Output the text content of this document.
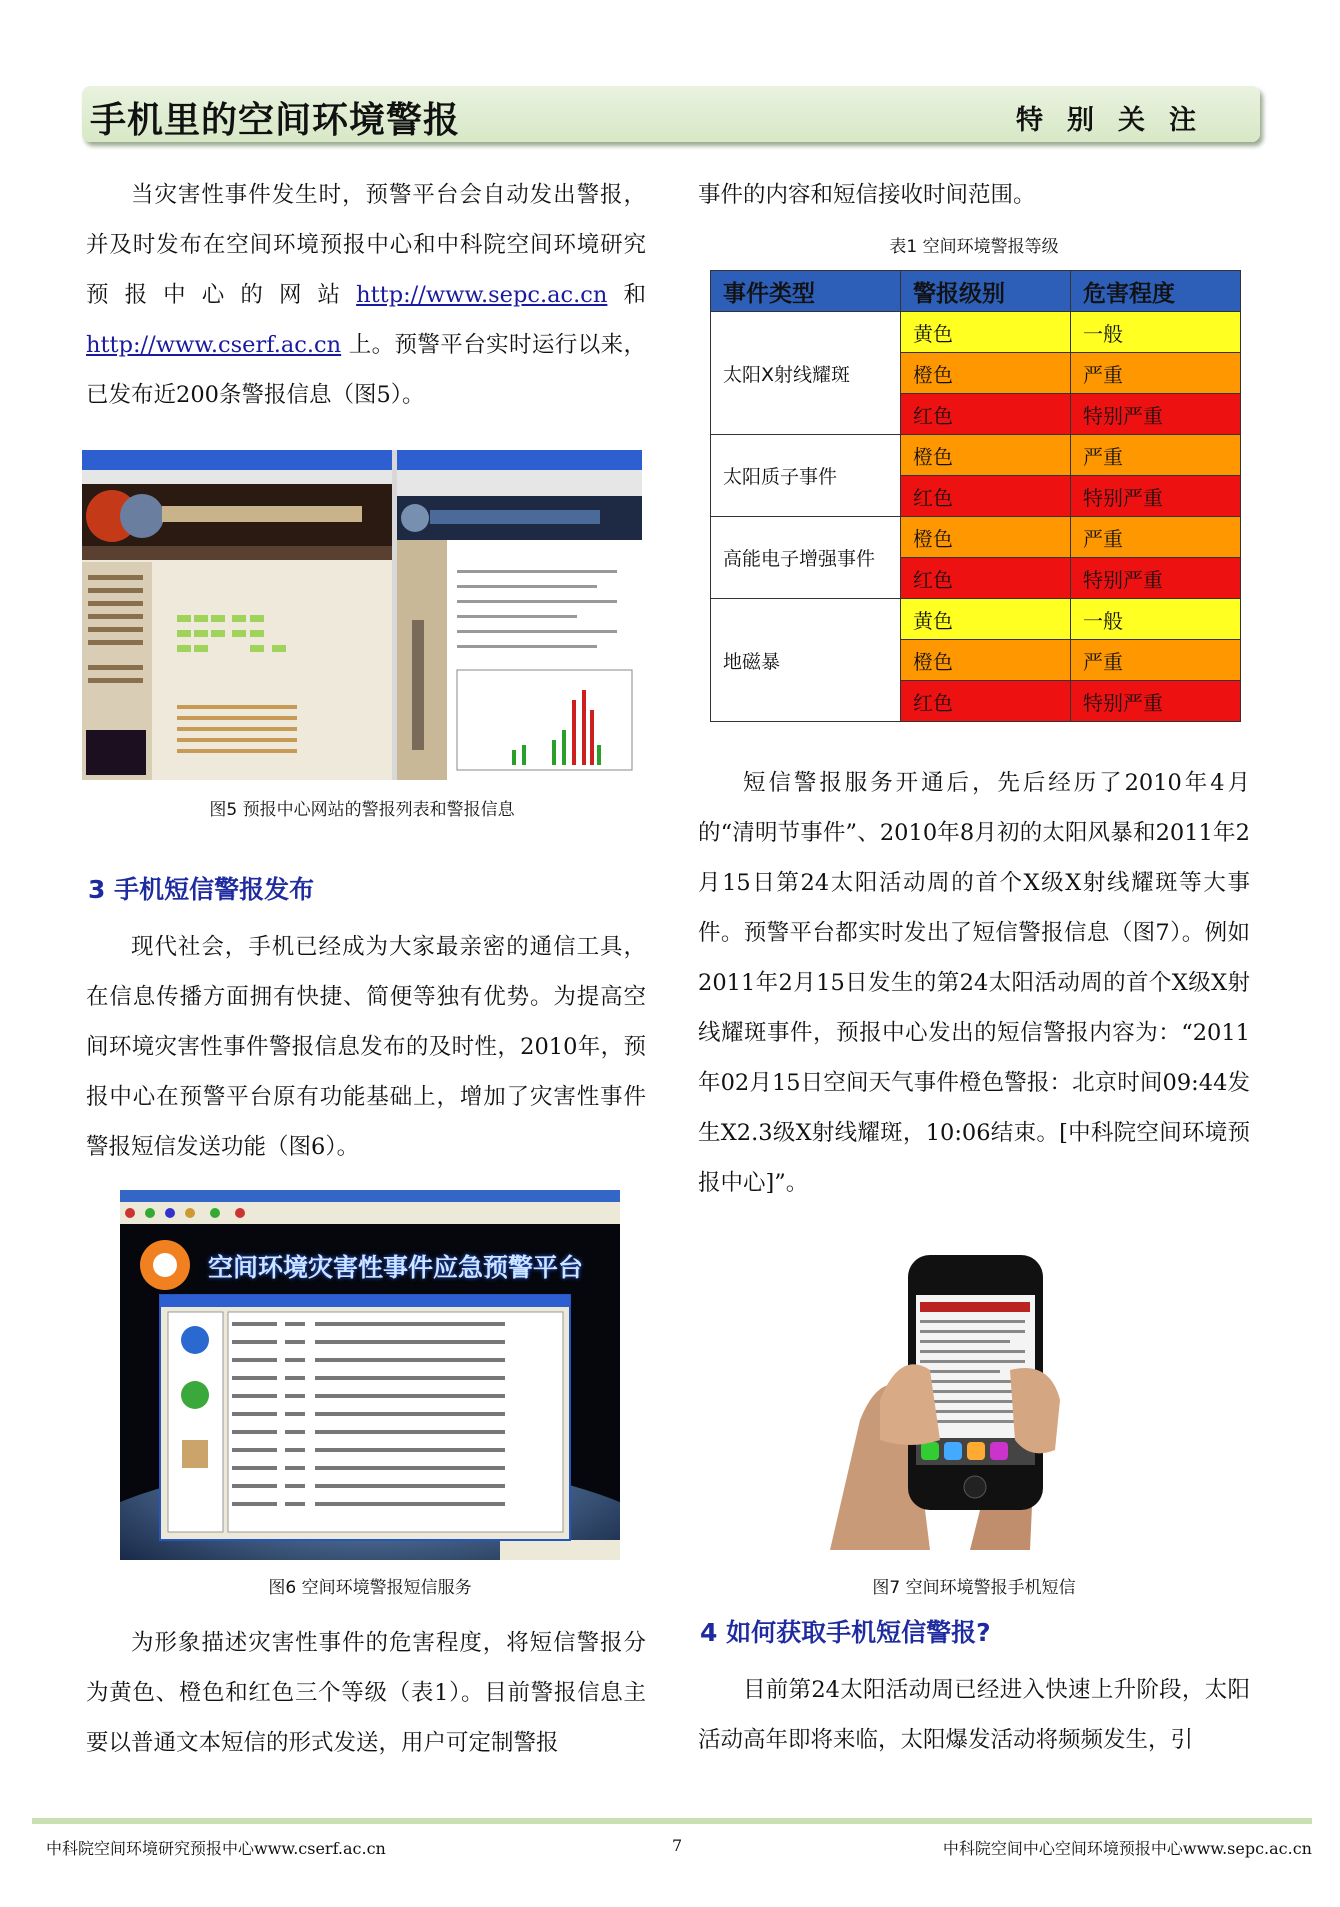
手机里的空间环境警报	特别关注

当灾害性事件发生时，预警平台会自动发出警报，并及时发布在空间环境预报中心和中科院空间环境研究预报中心的网站http://www.sepc.ac.cn和http://www.cserf.ac.cn 上。预警平台实时运行以来，已发布近200条警报信息（图5）。

图5 预报中心网站的警报列表和警报信息
3 手机短信警报发布
现代社会，手机已经成为大家最亲密的通信工具，在信息传播方面拥有快捷、简便等独有优势。为提高空间环境灾害性事件警报信息发布的及时性，2010年，预报中心在预警平台原有功能基础上，增加了灾害性事件警报短信发送功能（图6）。
空间环境灾害性事件应急预警平台
图6 空间环境警报短信服务
为形象描述灾害性事件的危害程度，将短信警报分为黄色、橙色和红色三个等级（表1）。目前警报信息主要以普通文本短信的形式发送，用户可定制警报
事件的内容和短信接收时间范围。
表1 空间环境警报等级
事件类型	警报级别	危害程度
太阳X射线耀斑	黄色	一般
	橙色	严重
	红色	特别严重
太阳质子事件	橙色	严重
	红色	特别严重
高能电子增强事件	橙色	严重
	红色	特别严重
地磁暴	黄色	一般
	橙色	严重
	红色	特别严重
短信警报服务开通后，先后经历了2010年4月的“清明节事件”、2010年8月初的太阳风暴和2011年2月15日第24太阳活动周的首个X级X射线耀斑等大事件。预警平台都实时发出了短信警报信息（图7）。例如2011年2月15日发生的第24太阳活动周的首个X级X射线耀斑事件，预报中心发出的短信警报内容为：“2011年02月15日空间天气事件橙色警报：北京时间09:44发生X2.3级X射线耀斑，10:06结束。[中科院空间环境预报中心]”。
图7 空间环境警报手机短信
4 如何获取手机短信警报?
目前第24太阳活动周已经进入快速上升阶段，太阳活动高年即将来临，太阳爆发活动将频频发生，引
中科院空间环境研究预报中心www.cserf.ac.cn	7	中科院空间中心空间环境预报中心www.sepc.ac.cn
